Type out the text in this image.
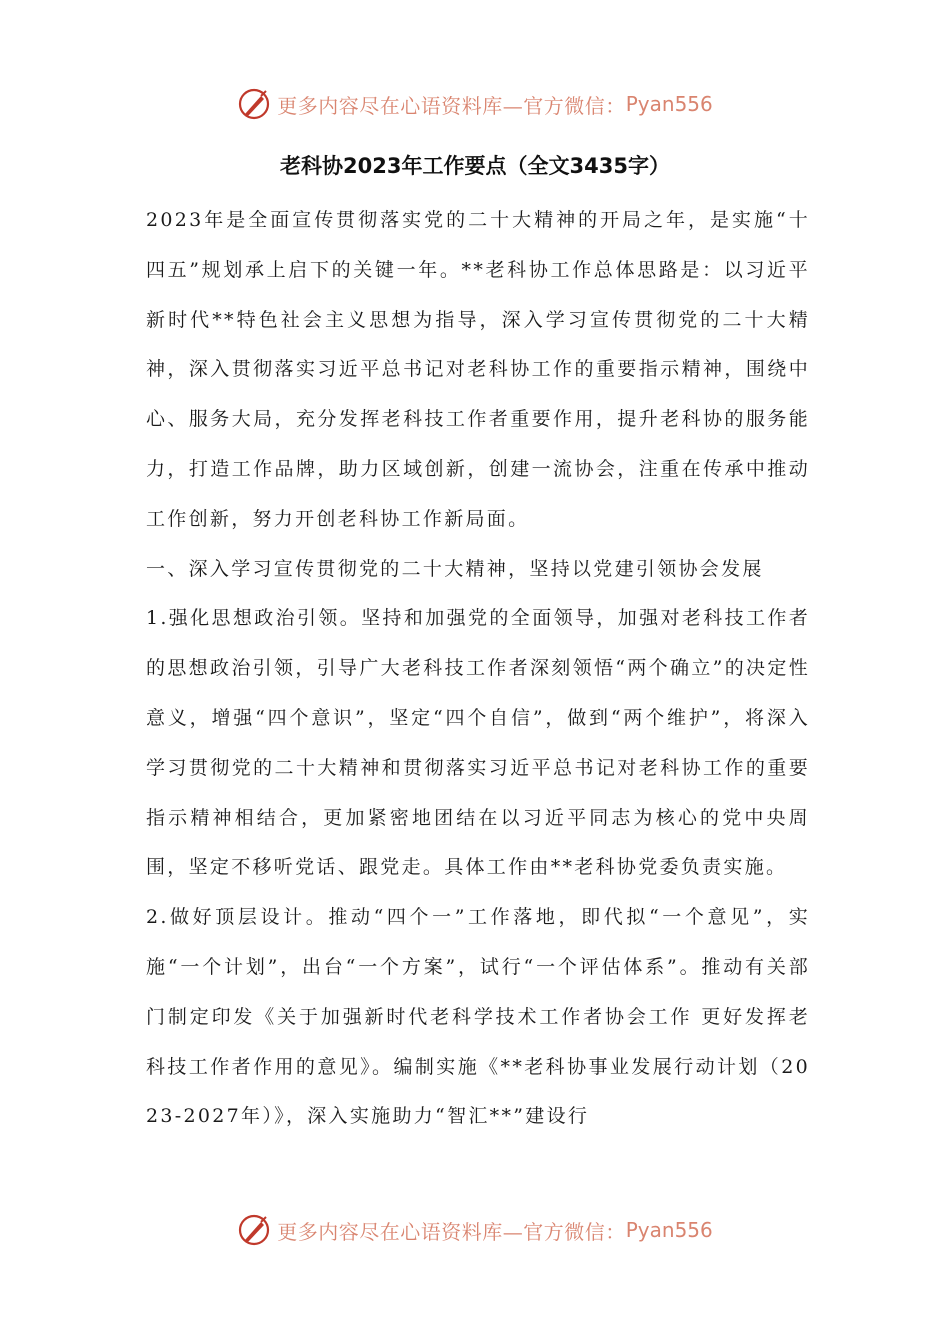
更多内容尽在心语资料库—官方微信： Pyan556
老科协2023年工作要点（全文3435字）

2023年是全面宣传贯彻落实党的二十大精神的开局之年，是实施“十四五”规划承上启下的关键一年。**老科协工作总体思路是：以习近平新时代**特色社会主义思想为指导，深入学习宣传贯彻党的二十大精神，深入贯彻落实习近平总书记对老科协工作的重要指示精神，围绕中心、服务大局，充分发挥老科技工作者重要作用，提升老科协的服务能力，打造工作品牌，助力区域创新，创建一流协会，注重在传承中推动工作创新，努力开创老科协工作新局面。

一、深入学习宣传贯彻党的二十大精神，坚持以党建引领协会发展

1.强化思想政治引领。坚持和加强党的全面领导，加强对老科技工作者的思想政治引领，引导广大老科技工作者深刻领悟“两个确立”的决定性意义，增强“四个意识”，坚定“四个自信”，做到“两个维护”，将深入学习贯彻党的二十大精神和贯彻落实习近平总书记对老科协工作的重要指示精神相结合，更加紧密地团结在以习近平同志为核心的党中央周围，坚定不移听党话、跟党走。具体工作由**老科协党委负责实施。

2.做好顶层设计。推动“四个一”工作落地，即代拟“一个意见”，实施“一个计划”，出台“一个方案”，试行“一个评估体系”。推动有关部门制定印发《关于加强新时代老科学技术工作者协会工作 更好发挥老科技工作者作用的意见》。编制实施《**老科协事业发展行动计划（2023-2027年）》，深入实施助力“智汇**”建设行

更多内容尽在心语资料库—官方微信： Pyan556
